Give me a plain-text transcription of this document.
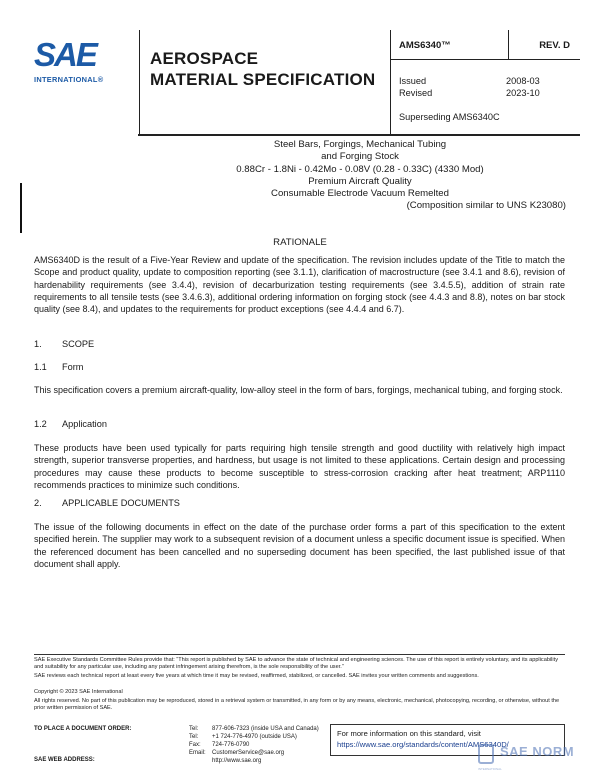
SAE
INTERNATIONAL®
AEROSPACE
MATERIAL SPECIFICATION
AMS6340™	REV. D
Issued
Revised
2008-03
2023-10
Superseding AMS6340C
Steel Bars, Forgings, Mechanical Tubing
and Forging Stock
0.88Cr - 1.8Ni - 0.42Mo - 0.08V (0.28 - 0.33C) (4330 Mod)
Premium Aircraft Quality
Consumable Electrode Vacuum Remelted
(Composition similar to UNS K23080)
RATIONALE
AMS6340D is the result of a Five-Year Review and update of the specification. The revision includes update of the Title to match the Scope and product quality, update to composition reporting (see 3.1.1), clarification of macrostructure (see 3.4.1 and 8.6), revision of hardenability requirements (see 3.4.4), revision of decarburization testing requirements (see 3.4.5.5), addition of strain rate requirements to all tensile tests (see 3.4.6.3), additional ordering information on forging stock (see 4.4.3 and 8.8), notes on bar stock quality (see 8.4), and updates to the requirements for product exceptions (see 4.4.4 and 6.7).
1. SCOPE
1.1 Form
This specification covers a premium aircraft-quality, low-alloy steel in the form of bars, forgings, mechanical tubing, and forging stock.
1.2 Application
These products have been used typically for parts requiring high tensile strength and good ductility with relatively high impact strength, superior transverse properties, and hardness, but usage is not limited to these applications. Certain design and processing procedures may cause these products to become susceptible to stress-corrosion cracking after heat treatment; ARP1110 recommends practices to minimize such conditions.
2. APPLICABLE DOCUMENTS
The issue of the following documents in effect on the date of the purchase order forms a part of this specification to the extent specified herein. The supplier may work to a subsequent revision of a document unless a specific document issue is specified. When the referenced document has been cancelled and no superseding document has been specified, the last published issue of that document shall apply.
SAE Executive Standards Committee Rules provide that: “This report is published by SAE to advance the state of technical and engineering sciences. The use of this report is entirely voluntary, and its applicability and suitability for any particular use, including any patent infringement arising therefrom, is the sole responsibility of the user.”
SAE reviews each technical report at least every five years at which time it may be revised, reaffirmed, stabilized, or cancelled. SAE invites your written comments and suggestions.
Copyright © 2023 SAE International
All rights reserved. No part of this publication may be reproduced, stored in a retrieval system or transmitted, in any form or by any means, electronic, mechanical, photocopying, recording, or otherwise, without the prior written permission of SAE.
TO PLACE A DOCUMENT ORDER:	Tel: 877-606-7323 (inside USA and Canada)
Tel: +1 724-776-4970 (outside USA)
Fax: 724-776-0790
Email: CustomerService@sae.org
http://www.sae.org
SAE WEB ADDRESS:
For more information on this standard, visit
https://www.sae.org/standards/content/AMS6340D/
SAE NORM
INTERNATIONAL
